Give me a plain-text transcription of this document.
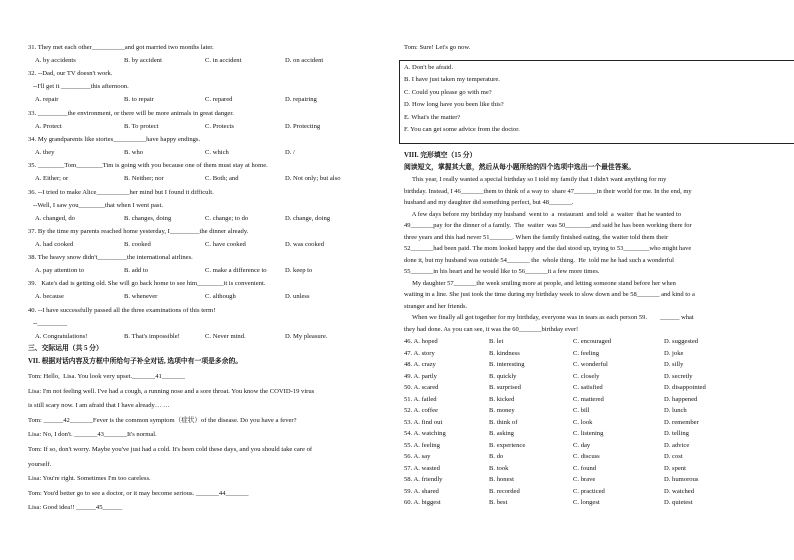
31. They met each other__________and got married two months later.
A. by accidents	B. by accident	C. in accident	D. on accident
32. --Dad, our TV doesn't work.
--I'll get it _________this afternoon.
A. repair	B. to repair	C. repared	D. repairing
33. _________the environment, or there will be more animals in great danger.
A. Protect	B. To protect	C. Protects	D. Protecting
34. My grandparents like stories__________have happy endings.
A. they	B. who	C. which	D. /
35. ________Tom________Tim is going with you because one of them must stay at home.
A. Either; or	B. Neither; nor	C. Both; and	D. Not only; but also
36. --I tried to make Alice__________her mind but I found it difficult.
--Well, I saw you________that when I went past.
A. changed, do	B. changes, doing	C. change; to do	D. change, doing
37. By the time my parents reached home yesterday, I_________the dinner already.
A. had cooked	B. cooked	C. have cooked	D. was cooked
38. The heavy snow didn't_________the international airlines.
A. pay attention to	B. add to	C. make a difference to	D. keep to
39.   Kate's dad is getting old. She will go back home to see him________it is convenient.
A. because	B. whenever	C. although	D. unless
40. --I have successfully passed all the three examinations of this term!
--_________
A. Congratulations!	B. That's impossible!	C. Never mind.	D. My pleasure.
三、交际运用（共 5 分）
VII. 根据对话内容及方框中所给句子补全对话, 选项中有一项是多余的。
Tom: Hello,  Lisa. You look very upset._______41_______
Lisa: I'm not feeling well. I've had a cough, a running nose and a sore throat. You know the COVID-19 virus
is still scary now. I am afraid that I have already… …
Tom: ______42_______Fever is the common symptom（症状）of the disease. Do you have a fever?
Lisa: No, I don't. _______43_______It's normal.
Tom: If so, don't worry. Maybe you've just had a cold. It's been cold these days, and you should take care of
yourself.
Lisa: You're right. Sometimes I'm too careless.
Tom: You'd better go to see a doctor, or it may become serious. _______44_______
Lisa: Good idea!! ______45______
Tom: Sure! Let's go now.
A. Don't be afraid.
B. I have just taken my temperature.
C. Could you please go with me?
D. How long have you been like this?
E. What's the matter?
F. You can get some advice from the doctor.
VIII. 完形填空（15 分）
阅读短文，掌握其大意，然后从每小题所给的四个选项中选出一个最佳答案。
This year, I really wanted a special birthday so I told my family that I didn't want anything for my
birthday. Instead, I 46_______them to think of a way to  share 47_______in their world for me. In the end, my
husband and my daughter did something perfect, but 48_______.
A few days before my birthday my husband  went to  a  restaurant  and told  a  waiter  that he wanted to
49_______pay for the dinner of a family.  The  waiter  was 50________and said he has been working there for
three years and this had never 51_______. When the family finished eating, the waiter told them their
52_______had been paid. The mom looked happy and the dad stood up, trying to 53________who might have
done it, but my husband was outside 54_______ the  whole thing.  He  told me he had such a wonderful
55_______in his heart and he would like to 56_______it a few more times.
My daughter 57_______the week smiling more at people, and letting someone stand before her when
waiting in a line. She just took the time during my birthday week to slow down and be 58_______ and kind to a
stranger and her friends.
When we finally all got together for my birthday, everyone was in tears as each person 59.        ______ what
they had done. As you can see, it was the 60_______birthday ever!
46. A. hoped	B. let	C. encouraged	D. suggested
47. A. story	B. kindness	C. feeling	D. joke
48. A. crazy	B. interesting	C. wonderful	D. silly
49. A. partly	B. quickly	C. closely	D. secretly
50. A. scared	B. surprised	C. satisfied	D. disappointed
51. A. failed	B. kicked	C. mattered	D. happened
52. A. coffee	B. money	C. bill	D. lunch
53. A. find out	B. think of	C. look	D. remember
54. A. watching	B. asking	C. listening	D. telling
55. A. feeling	B. experience	C. day	D. advice
56. A. say	B. do	C. discuss	D. cost
57. A. wasted	B. took	C. found	D. spent
58. A. friendly	B. honest	C. brave	D. humorous
59. A. shared	B. recorded	C. practiced	D. watched
60. A. biggest	B. best	C. longest	D. quietest
